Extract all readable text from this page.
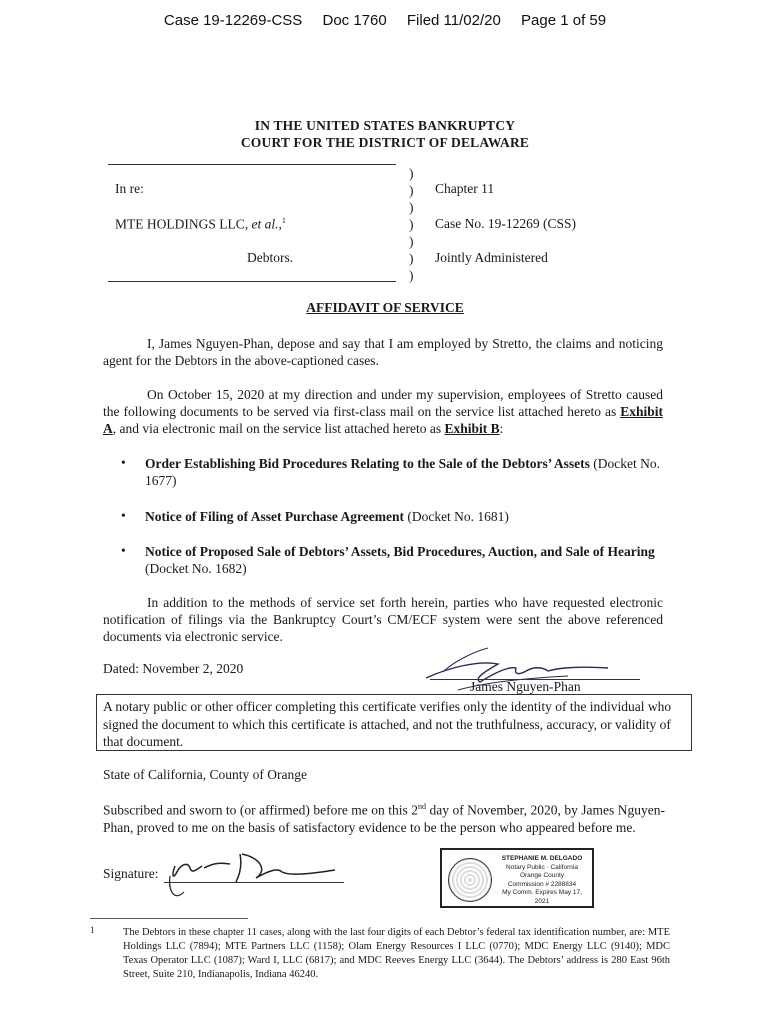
Case 19-12269-CSS Doc 1760 Filed 11/02/20 Page 1 of 59
IN THE UNITED STATES BANKRUPTCY
COURT FOR THE DISTRICT OF DELAWARE
)
)
)
)
)
)
)
In re:
MTE HOLDINGS LLC, et al.,$^1$
Debtors.
Chapter 11
Case No. 19-12269 (CSS)
Jointly Administered
AFFIDAVIT OF SERVICE
I, James Nguyen-Phan, depose and say that I am employed by Stretto, the claims and noticing agent for the Debtors in the above-captioned cases.
On October 15, 2020 at my direction and under my supervision, employees of Stretto caused the following documents to be served via first-class mail on the service list attached hereto as Exhibit A, and via electronic mail on the service list attached hereto as Exhibit B:
• Order Establishing Bid Procedures Relating to the Sale of the Debtors’ Assets (Docket No. 1677)
• Notice of Filing of Asset Purchase Agreement (Docket No. 1681)
• Notice of Proposed Sale of Debtors’ Assets, Bid Procedures, Auction, and Sale of Hearing (Docket No. 1682)
In addition to the methods of service set forth herein, parties who have requested electronic notification of filings via the Bankruptcy Court’s CM/ECF system were sent the above referenced documents via electronic service.
Dated: November 2, 2020
James Nguyen-Phan
A notary public or other officer completing this certificate verifies only the identity of the individual who signed the document to which this certificate is attached, and not the truthfulness, accuracy, or validity of that document.
State of California, County of Orange
Subscribed and sworn to (or affirmed) before me on this 2nd day of November, 2020, by James Nguyen-Phan, proved to me on the basis of satisfactory evidence to be the person who appeared before me.
Signature:
STEPHANIE M. DELGADO
Notary Public · California
Orange County
Commission # 2288834
My Comm. Expires May 17, 2021
1	The Debtors in these chapter 11 cases, along with the last four digits of each Debtor’s federal tax identification number, are: MTE Holdings LLC (7894); MTE Partners LLC (1158); Olam Energy Resources I LLC (0770); MDC Energy LLC (9140); MDC Texas Operator LLC (1087); Ward I, LLC (6817); and MDC Reeves Energy LLC (3644). The Debtors’ address is 280 East 96th Street, Suite 210, Indianapolis, Indiana 46240.
